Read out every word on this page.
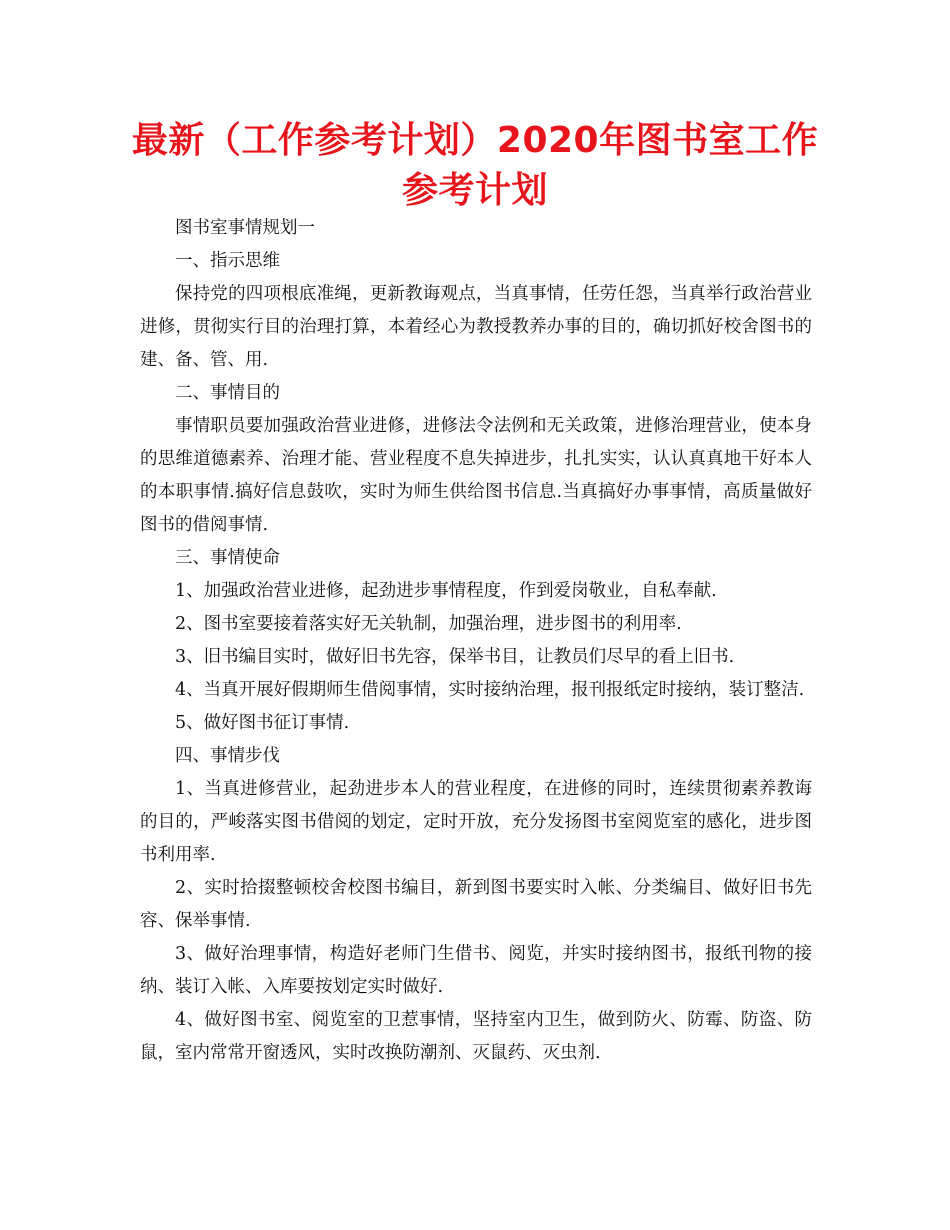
最新（工作参考计划）2020年图书室工作参考计划

图书室事情规划一

一、指示思维

保持党的四项根底准绳，更新教诲观点，当真事情，任劳任怨，当真举行政治营业进修，贯彻实行目的治理打算，本着经心为教授教养办事的目的，确切抓好校舍图书的建、备、管、用.

二、事情目的

事情职员要加强政治营业进修，进修法令法例和无关政策，进修治理营业，使本身的思维道德素养、治理才能、营业程度不息失掉进步，扎扎实实，认认真真地干好本人的本职事情.搞好信息鼓吹，实时为师生供给图书信息.当真搞好办事事情，高质量做好图书的借阅事情.

三、事情使命

1、加强政治营业进修，起劲进步事情程度，作到爱岗敬业，自私奉献.

2、图书室要接着落实好无关轨制，加强治理，进步图书的利用率.

3、旧书编目实时，做好旧书先容，保举书目，让教员们尽早的看上旧书.

4、当真开展好假期师生借阅事情，实时接纳治理，报刊报纸定时接纳，装订整洁.

5、做好图书征订事情.

四、事情步伐

1、当真进修营业，起劲进步本人的营业程度，在进修的同时，连续贯彻素养教诲的目的，严峻落实图书借阅的划定，定时开放，充分发扬图书室阅览室的感化，进步图书利用率.

2、实时拾掇整顿校舍校图书编目，新到图书要实时入帐、分类编目、做好旧书先容、保举事情.

3、做好治理事情，构造好老师门生借书、阅览，并实时接纳图书，报纸刊物的接纳、装订入帐、入库要按划定实时做好.

4、做好图书室、阅览室的卫惹事情，坚持室内卫生，做到防火、防霉、防盗、防鼠，室内常常开窗透风，实时改换防潮剂、灭鼠药、灭虫剂.
